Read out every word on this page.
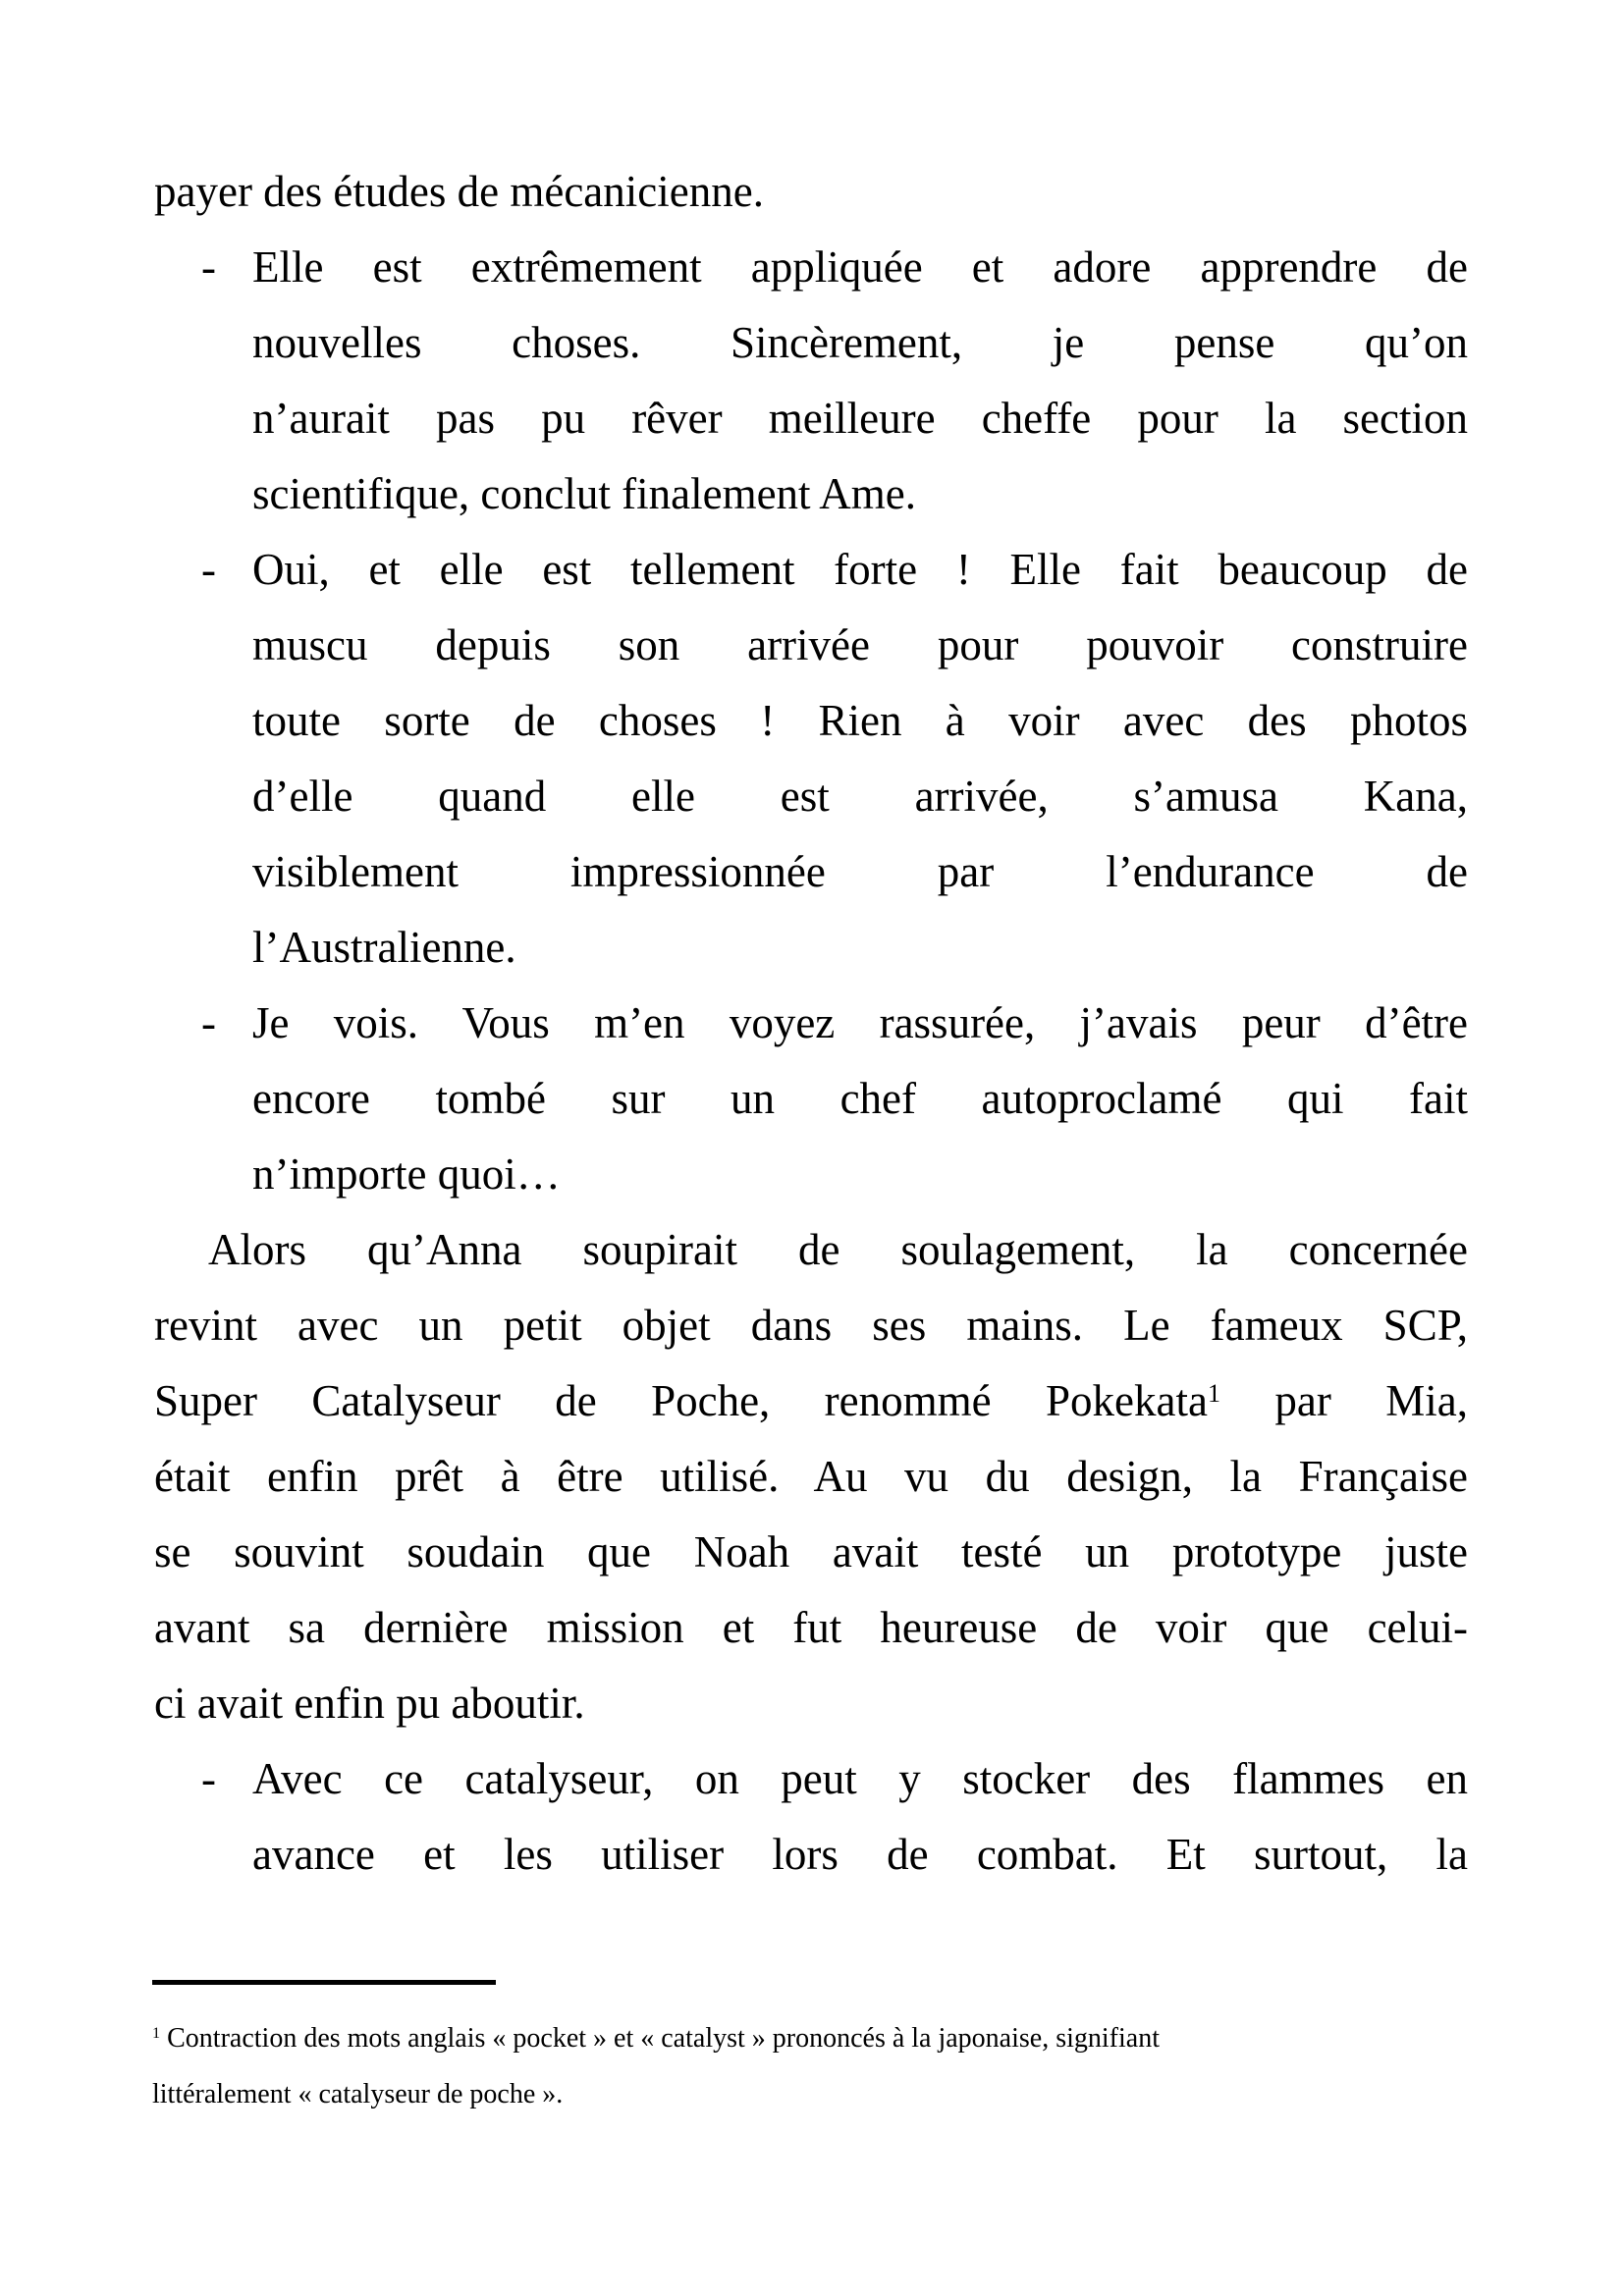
payer des études de mécanicienne.
- Elle est extrêmement appliquée et adore apprendre de
nouvelles choses. Sincèrement, je pense qu’on
n’aurait pas pu rêver meilleure cheffe pour la section
scientifique, conclut finalement Ame.
- Oui, et elle est tellement forte ! Elle fait beaucoup de
muscu depuis son arrivée pour pouvoir construire
toute sorte de choses ! Rien à voir avec des photos
d’elle quand elle est arrivée, s’amusa Kana,
visiblement impressionnée par l’endurance de
l’Australienne.
- Je vois. Vous m’en voyez rassurée, j’avais peur d’être
encore tombé sur un chef autoproclamé qui fait
n’importe quoi…
Alors qu’Anna soupirait de soulagement, la concernée
revint avec un petit objet dans ses mains. Le fameux SCP,
Super Catalyseur de Poche, renommé Pokekata$^1$ par Mia,
était enfin prêt à être utilisé. Au vu du design, la Française
se souvint soudain que Noah avait testé un prototype juste
avant sa dernière mission et fut heureuse de voir que celui-
ci avait enfin pu aboutir.
- Avec ce catalyseur, on peut y stocker des flammes en
avance et les utiliser lors de combat. Et surtout, la
$^1$ Contraction des mots anglais « pocket » et « catalyst » prononcés à la japonaise, signifiant
littéralement « catalyseur de poche ».
